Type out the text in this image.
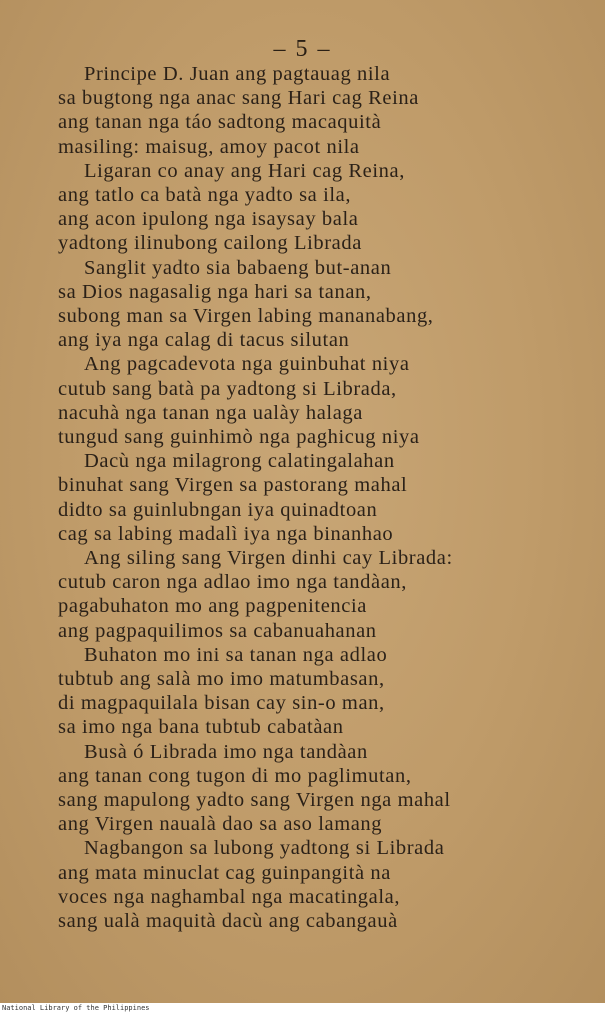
– 5 –
Principe D. Juan ang pagtauag nila
sa bugtong nga anac sang Hari cag Reina
ang tanan nga táo sadtong macaquità
masiling: maisug, amoy pacot nila
Ligaran co anay ang Hari cag Reina,
ang tatlo ca batà nga yadto sa ila,
ang acon ipulong nga isaysay bala
yadtong ilinubong cailong Librada
Sanglit yadto sia babaeng but-anan
sa Dios nagasalig nga hari sa tanan,
subong man sa Virgen labing mananabang,
ang iya nga calag di tacus silutan
Ang pagcadevota nga guinbuhat niya
cutub sang batà pa yadtong si Librada,
nacuhà nga tanan nga ualày halaga
tungud sang guinhimò nga paghicug niya
Dacù nga milagrong calatingalahan
binuhat sang Virgen sa pastorang mahal
didto sa guinlubngan iya quinadtoan
cag sa labing madalì iya nga binanhao
Ang siling sang Virgen dinhi cay Librada:
cutub caron nga adlao imo nga tandàan,
pagabuhaton mo ang pagpenitencia
ang pagpaquilimos sa cabanuahanan
Buhaton mo ini sa tanan nga adlao
tubtub ang salà mo imo matumbasan,
di magpaquilala bisan cay sin-o man,
sa imo nga bana tubtub cabatàan
Busà ó Librada imo nga tandàan
ang tanan cong tugon di mo paglimutan,
sang mapulong yadto sang Virgen nga mahal
ang Virgen naualà dao sa aso lamang
Nagbangon sa lubong yadtong si Librada
ang mata minuclat cag guinpangità na
voces nga naghambal nga macatingala,
sang ualà maquità dacù ang cabangauà
National Library of the Philippines
